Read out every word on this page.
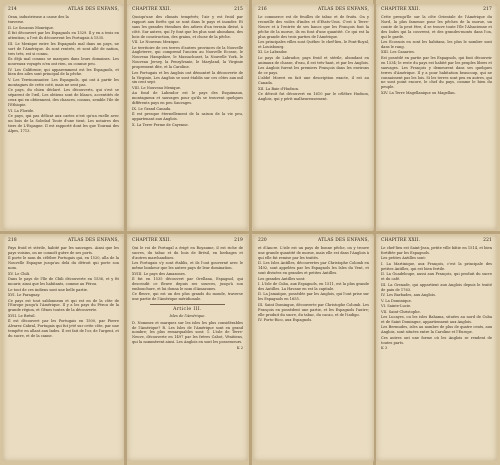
214	ATLAS DES ENFANS,

Oran, industrieuse a cause des la

traverse.

II. Le Souzous Monrique.

Il fut découvert par les Espagnols en 1529. Il y en a trois en attention; a l'est ils découvrent les Portugais à 1535.

III. Le Mexique entre les Espagnols mal dans un pays, ne sort de l'Amérique. ils sont rentrés, et sont allé de nation, tres très, est si connu.

Ils déjà mal connus se marques dans leurs domaines. Les nouveaux voyagés n'en ont rien, ou connue peu.

IV. Les Californie; qui apparemment est les Espagnols, et bien des ailes sont principal de la pêche.

V. Les Terrinonsanter. Les Espagnols, qui ont à partir les montagnes de cette coté, mais ne sent pas.

Ce pays, du chien déclaré. Les découverts, qui s'est se séparent de l'œil, Les obtiens sont de blancs, accentités de ceux qui en obtiennent, des chances, connus, semble l'ile de l'Ethiopie.

VI. La Floride.

Ce pays, qui pas délicat aux cartes n'est qu'un ruelle avec un bois de la Soledad Toute d'une tient, Les notaires des tiers de L'Espagne. Il est rapporté dont les que Tournai des Alpes, 1713.

CHAPITRE XXII.	215

Quoiqu'une des climats tempérés; l'air y est froid par rapport aux forêts qui se sont dans le pays et inonder. Et sans les grandes étendues des arbres d'un terrain divisé, à côté. Sur autres, qui l'y font que les plus sont abondans, des bois de construction, des grains, et chose de la pêche.

VII. Le Nouveau Mexique.

Le territoire de ces terres d'autres provinces de la Nouvelle Angleterre, qui comprend l'ancien au Nouvelle Ecosse, le Nouveau Hampshire, le Massachuset, la Nouvelle York, le Nouveau Jersey, la Pensylvanie, le Maryland, la Virginie proprement dite, et la Caroline.

Les Portugais et les Anglois ont démontré la découverte de la Virginie, Les Anglois se sont établis sur ces côtes aux mil six cent sept.

VIII. Le Nouveau Mexique.

Au fond de Labrador est le pays des Esquimaux, montagneux et sauvages pour qu'ils se trouvent quelques différents pays en peu Sauvages.

IX. Le Grand Canada.

Il est presque éternellement de la saison de la vie peu, appartenant aux Anglois.

X. La Terre Ferme de Cayenne.

216	ATLAS DES ENFANS,

Le commerce est de feuilles de tabac et de fruits. On y recueille des voiles d'indes et d'Etats-Unis. C'est à Terre-Neuve et à l'entrée de ses bancs que les François font la pêche de la morue, ils en font d'une quantité. Ce qui est la plus grande des trois parties de l'Amérique.

Les principales villes sont Québec le chef-lieu, le Pont-Royal, et Louisbourg.

XI. Le Labrador.

Le pays de Labrador, pays froid et stérile, abondant en animaux de chasse, d'eau, il est très-haut, et par les Anglois. Les Anglois furent les premiers François dans les environs de ce pays.

L'abbé Moreri en fait une description exacte, il est au Canada.

XII. La Baie d'Hudson.

Ce détroit fut découvert en 1610 par le célèbre Hudson, Anglois, qui y périt malheureusement.

CHAPITRE XXII.	217

Cette presqu'île sur la côte Orientale de l'Amérique du Nord, la plus fameuse pour les pêches de la morue, un comte de la peut être, il se trouve toute l'île l'Alsacienne et des Indes qui la couvrent, et des grandes-monts dans l'on, qui le garde.

Les Ecossois en sont les habitans, les plus le nombre sont dans le rang.

XIII. Les Canaries.

Est possédé en partie par les Espagnols, qui font découvrir en 1534; le reste du pays est habité par les peuples libres et sauvages. Les François y demeurent dans ses quelques terres d'Amérique. Il y a pour habitation beaucoup, qui ne connaissent pas les lois. Si les terres sont peu en autres, qui ne sont point encore, le chef du pays, comme le bien du peuple.

XIV. La Terre Magellanique ou Magellan.

218	ATLAS DES ENFANS,

Pays froid et stérile, habité par les sauvages. Ainsi que les pays voisins, on ne connoît guère de ses ports.

Il porte le nom du célèbre Portugais qui, en 1520, alla de la Nouvelle Espagne jusqu'au delà du détroit qui porte son nom.

XV. Le Chili.

Dans le pays de l'île de Chili découverte en 1536, et y fit mourir, ainsi que les habitants, comme au Pérou.

Le tout de ces indiens sont une belle partie.

XVI. Le Paraguay.

Ce pays est tout sablonneux et qui est en de la côte de l'Europe jusqu'à l'Amérique. Il y a les pays du Pérou de la grande région, et Gênes toutes de la découverte.

XVII. Le Brésil.

Il est découvert par les Portugais en 1500, par Pierre Alvarez Cabral, Portugais qui fut jeté sur cette côte, par une tempête en allant aux Indes. Il est fait de l'or, de l'argent, et du sucre, et de la canne.

CHAPITRE XXII.	219

Qui le roi de Portugal a érigé en Royaume, il est riche de sucres, du tabac et du bois de Brésil, en herbages et d'autres marchandises.

Les Portugais s'y sont établis, et ils l'ont gouverné avec le même bonheur que les autres pays de leur domination.

XVIII. Le pays des Amazones.

Il fut en 1535 découvert par Orellana, Espagnol, qui descendit ce fleuve depuis ses sources, jusqu'à son embouchure, et lui donna le nom d'Amazones.

Ce fleuve, qui est un des plus grands du monde, traverse une partie de l'Amérique méridionale.

Article III.
Isles de l'Amérique.

D. Nommez et marquez sur les isles les plus considérables de l'Amérique? R. Les Isles de l'Amérique sont en grand nombre; les plus remarquables sont: 1. L'isle de Terre-Neuve, découverte en 1497 par les frères Cabot, Vénitiens, qui la nommèrent ainsi. Les Anglois en sont les possesseurs.

K 2
220	ATLAS DES ENFANS,

et d'Ancre. L'isle est un pays de bonne pêche, on y trouve une grande quantité de morue, mais elle est dans l'Anglois à qui elle fut remise par les traités.

II. Les Isles Antilles, découvertes par Christophe Colomb en 1492, sont appelées par les Espagnols les Isles du Vent, et sont divisées en grandes et petites Antilles.

Les grandes Antilles sont:

I. L'Isle de Cuba, aux Espagnols, en 1511, est la plus grande des Antilles. La Havane en est la capitale.

II. La Jamaïque, possédée par les Anglois, qui l'ont prise sur les Espagnols en 1655.

III. Saint Domingue, découverte par Christophe Colomb. Les François en possèdent une partie, et les Espagnols l'autre; elle produit du sucre, du tabac, du cacao, et de l'indigo.

IV. Porto-Rico, aux Espagnols.

CHAPITRE XXII.	221

Le chef-lieu est Saint-Jean, petite ville bâtie en 1514, et bien fortifiée par les Espagnols.

Les petites Antilles sont:

I. La Martinique, aux François, c'est la principale des petites Antilles, qui est bien fertile.

II. La Guadeloupe, aussi aux François, qui produit du sucre et du café.

III. La Grenade, qui appartient aux Anglois depuis le traité de paix de 1763.

IV. Les Barbades, aux Anglois.

V. La Dominique.

VI. Sainte-Lucie.

VII. Saint-Christophe.

Les Lucayes, ou les isles Bahama, situées au nord de Cuba et de Saint Domingue, appartiennent aux Anglois.

Les Bermudes, isles au nombre de plus de quatre cents, aux Anglois, sont situées entre la Caroline et l'Europe.

Ces autres ont une forme où les Anglois se rendent de toutes parts.

K 3
